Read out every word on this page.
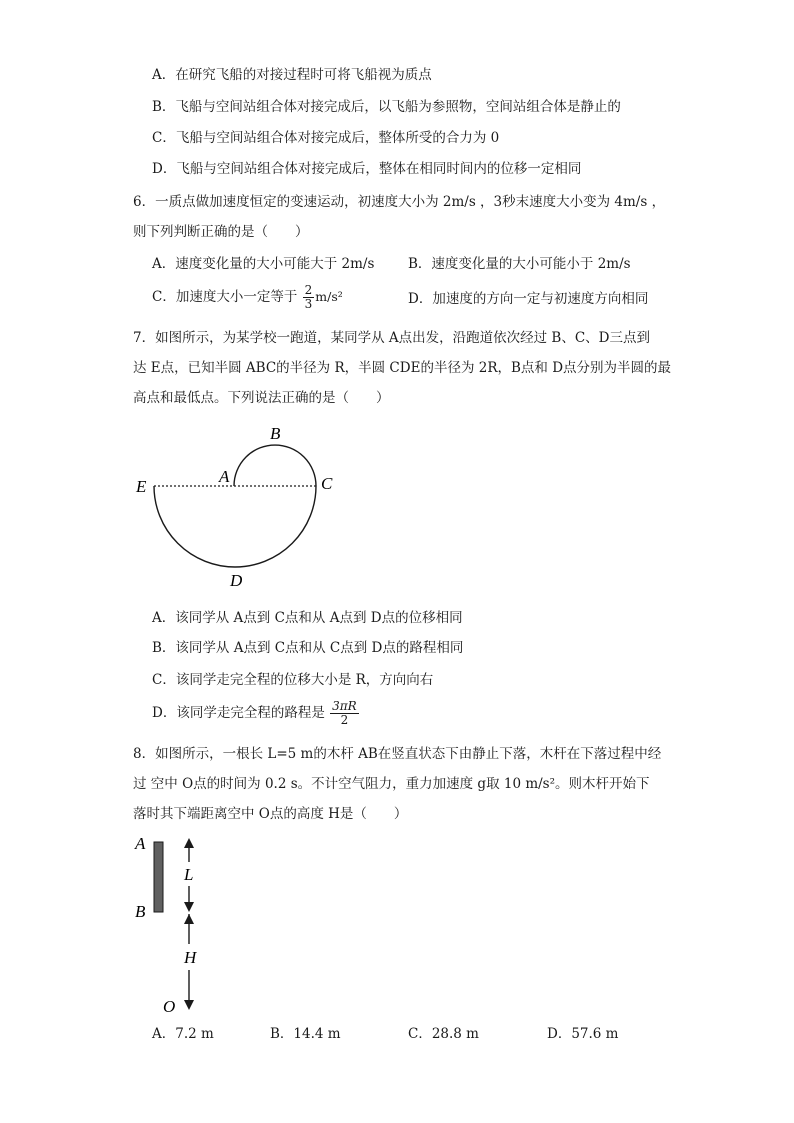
A．在研究飞船的对接过程时可将飞船视为质点
B．飞船与空间站组合体对接完成后，以飞船为参照物，空间站组合体是静止的
C．飞船与空间站组合体对接完成后，整体所受的合力为 0
D．飞船与空间站组合体对接完成后，整体在相同时间内的位移一定相同
6．一质点做加速度恒定的变速运动，初速度大小为 2m/s ，3秒末速度大小变为 4m/s ，
则下列判断正确的是（　　）
A．速度变化量的大小可能大于 2m/s B．速度变化量的大小可能小于 2m/s
C．加速度大小一定等于 $\frac{2}{3} m/s^2$	D．加速度的方向一定与初速度方向相同
7．如图所示，为某学校一跑道，某同学从 A点出发，沿跑道依次经过 B、C、D三点到
达 E点，已知半圆 ABC的半径为 R，半圆 CDE的半径为 2R，B点和 D点分别为半圆的最
高点和最低点。下列说法正确的是（　　）
B
A	C
E
D
A．该同学从 A点到 C点和从 A点到 D点的位移相同
B．该同学从 A点到 C点和从 C点到 D点的路程相同
C．该同学走完全程的位移大小是 R，方向向右
D．该同学走完全程的路程是 $\frac{3\pi R}{2}$
8．如图所示，一根长 L=5 m的木杆 AB在竖直状态下由静止下落，木杆在下落过程中经
过 空中 O点的时间为 0.2 s。不计空气阻力，重力加速度 g取 10 m/s²。则木杆开始下
落时其下端距离空中 O点的高度 H是（　　）
A
B
L
H
O
A．7.2 m	B．14.4 m	C．28.8 m	D．57.6 m
